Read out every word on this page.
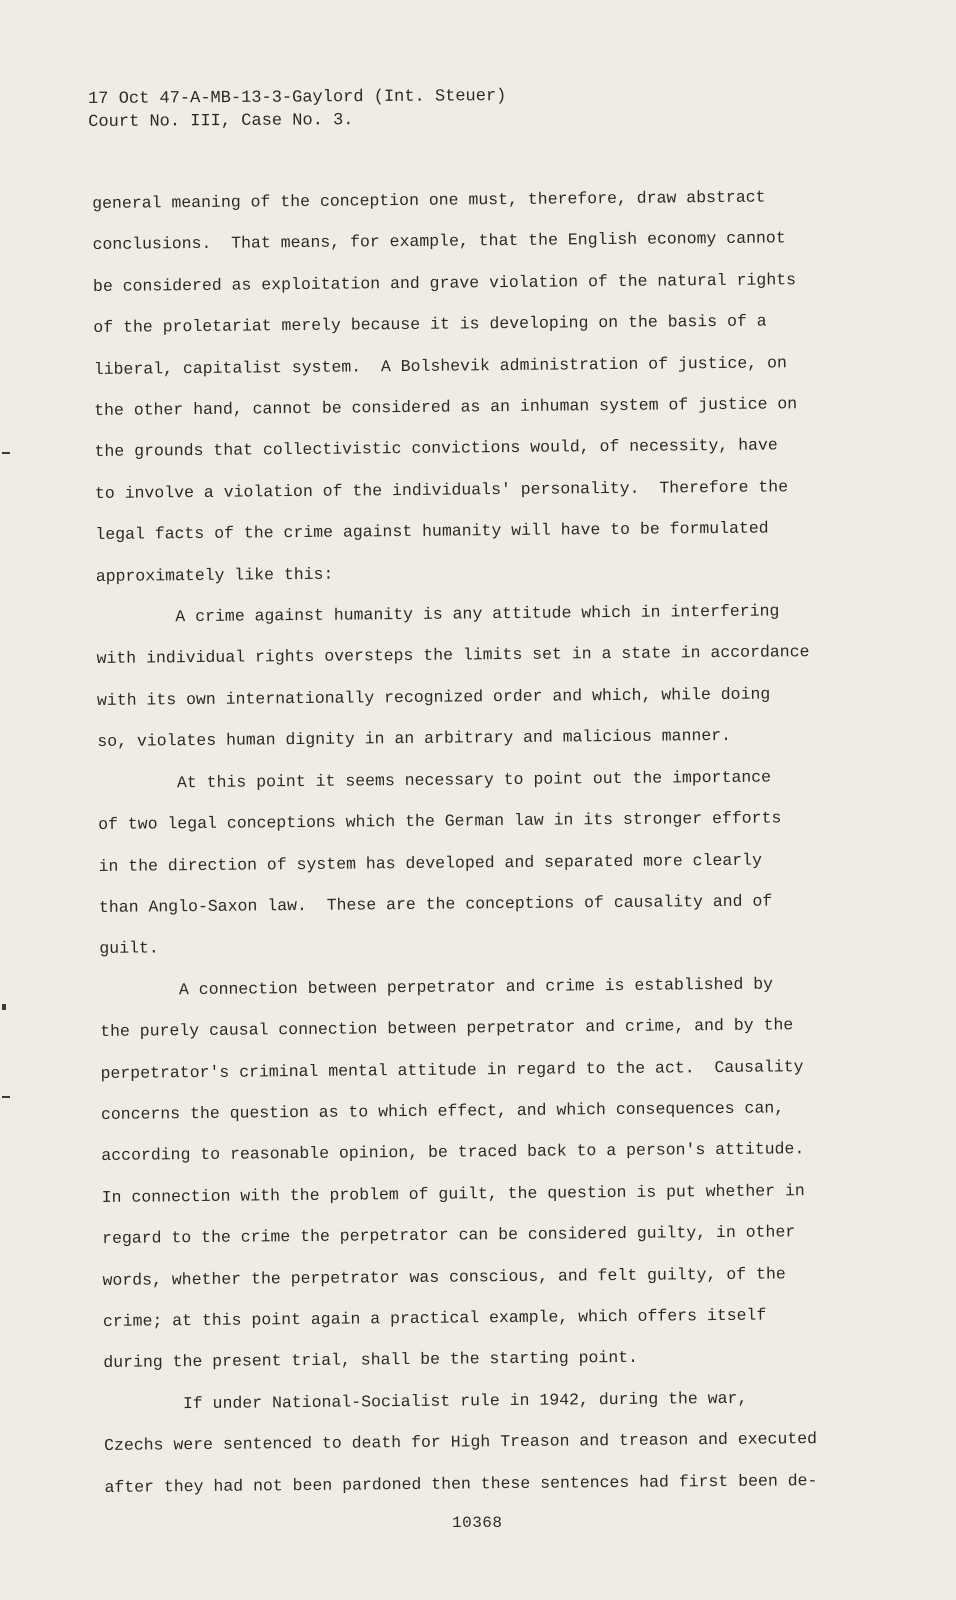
17 Oct 47-A-MB-13-3-Gaylord (Int. Steuer)
Court No. III, Case No. 3.
general meaning of the conception one must, therefore, draw abstract
conclusions.  That means, for example, that the English economy cannot
be considered as exploitation and grave violation of the natural rights
of the proletariat merely because it is developing on the basis of a
liberal, capitalist system.  A Bolshevik administration of justice, on
the other hand, cannot be considered as an inhuman system of justice on
the grounds that collectivistic convictions would, of necessity, have
to involve a violation of the individuals' personality.  Therefore the
legal facts of the crime against humanity will have to be formulated
approximately like this:
A crime against humanity is any attitude which in interfering
with individual rights oversteps the limits set in a state in accordance
with its own internationally recognized order and which, while doing
so, violates human dignity in an arbitrary and malicious manner.
At this point it seems necessary to point out the importance
of two legal conceptions which the German law in its stronger efforts
in the direction of system has developed and separated more clearly
than Anglo-Saxon law.  These are the conceptions of causality and of
guilt.
A connection between perpetrator and crime is established by
the purely causal connection between perpetrator and crime, and by the
perpetrator's criminal mental attitude in regard to the act.  Causality
concerns the question as to which effect, and which consequences can,
according to reasonable opinion, be traced back to a person's attitude.
In connection with the problem of guilt, the question is put whether in
regard to the crime the perpetrator can be considered guilty, in other
words, whether the perpetrator was conscious, and felt guilty, of the
crime; at this point again a practical example, which offers itself
during the present trial, shall be the starting point.
If under National-Socialist rule in 1942, during the war,
Czechs were sentenced to death for High Treason and treason and executed
after they had not been pardoned then these sentences had first been de-
10368
